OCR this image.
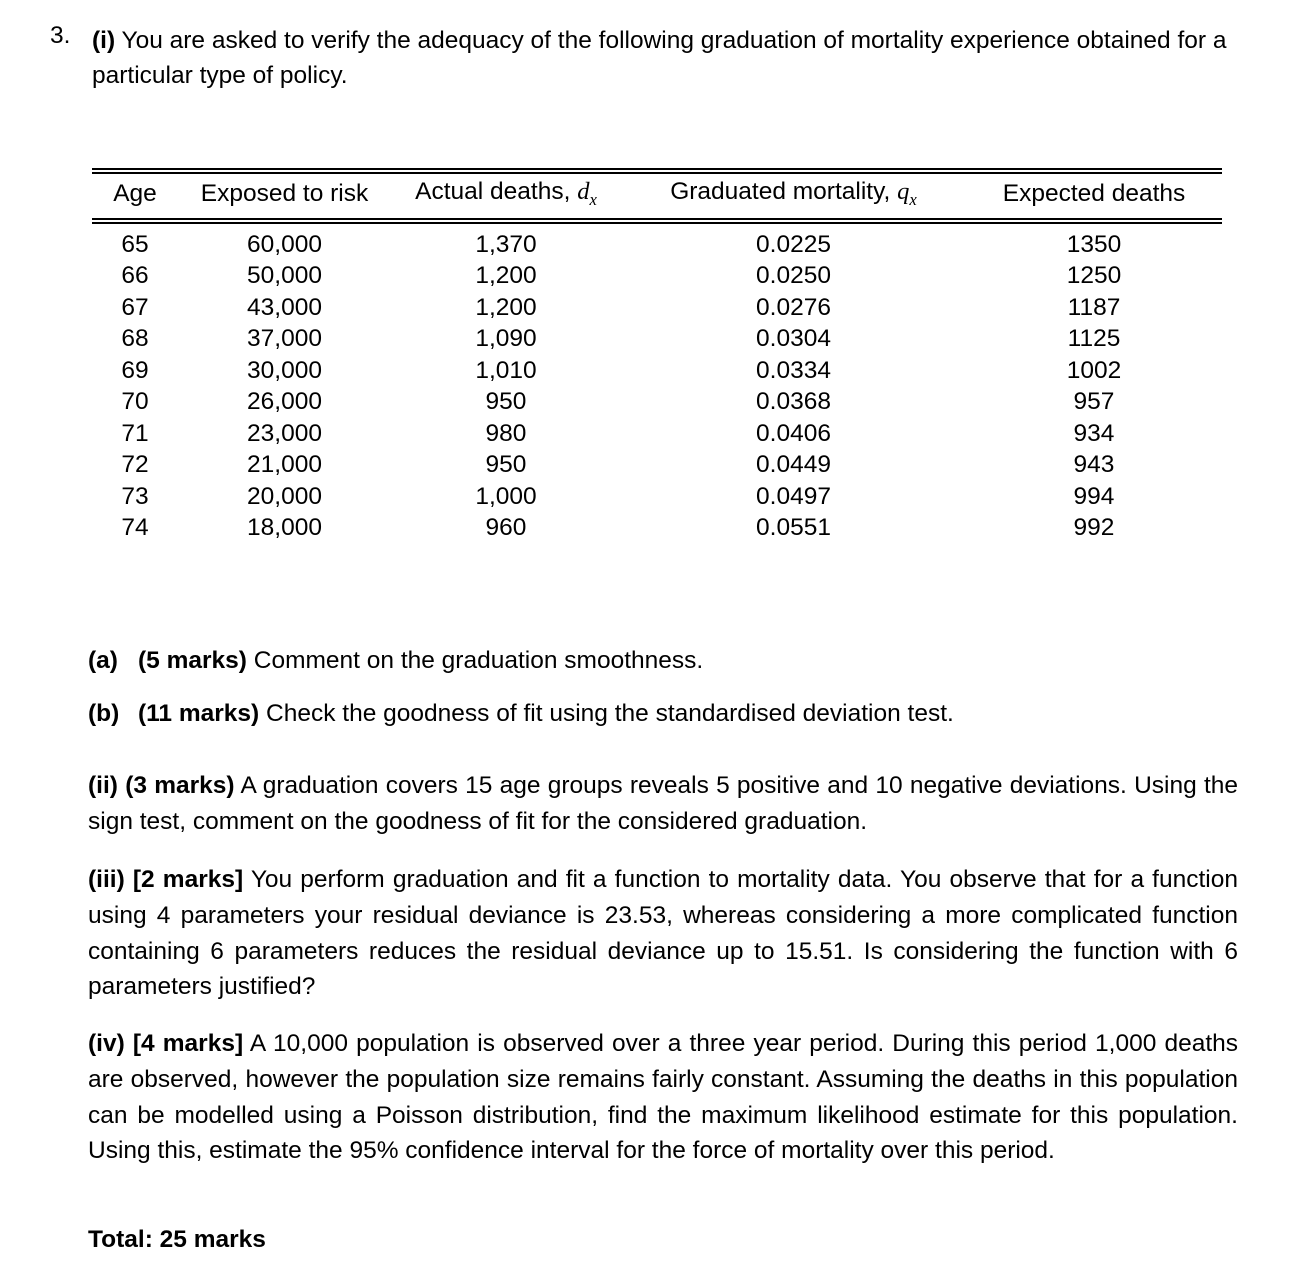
3. (i) You are asked to verify the adequacy of the following graduation of mortality experience obtained for a particular type of policy.

Age	Exposed to risk	Actual deaths, $d_x$	Graduated mortality, $q_x$	Expected deaths

65	60,000	1,370	0.0225	1350
66	50,000	1,200	0.0250	1250
67	43,000	1,200	0.0276	1187
68	37,000	1,090	0.0304	1125
69	30,000	1,010	0.0334	1002
70	26,000	950	0.0368	957
71	23,000	980	0.0406	934
72	21,000	950	0.0449	943
73	20,000	1,000	0.0497	994
74	18,000	960	0.0551	992
(a) (5 marks) Comment on the graduation smoothness.
(b) (11 marks) Check the goodness of fit using the standardised deviation test.
(ii) (3 marks) A graduation covers 15 age groups reveals 5 positive and 10 negative deviations. Using the sign test, comment on the goodness of fit for the considered graduation.
(iii) [2 marks] You perform graduation and fit a function to mortality data. You observe that for a function using 4 parameters your residual deviance is 23.53, whereas considering a more complicated function containing 6 parameters reduces the residual deviance up to 15.51. Is considering the function with 6 parameters justified?
(iv) [4 marks] A 10,000 population is observed over a three year period. During this period 1,000 deaths are observed, however the population size remains fairly constant. Assuming the deaths in this population can be modelled using a Poisson distribution, find the maximum likelihood estimate for this population. Using this, estimate the 95% confidence interval for the force of mortality over this period.
Total: 25 marks
